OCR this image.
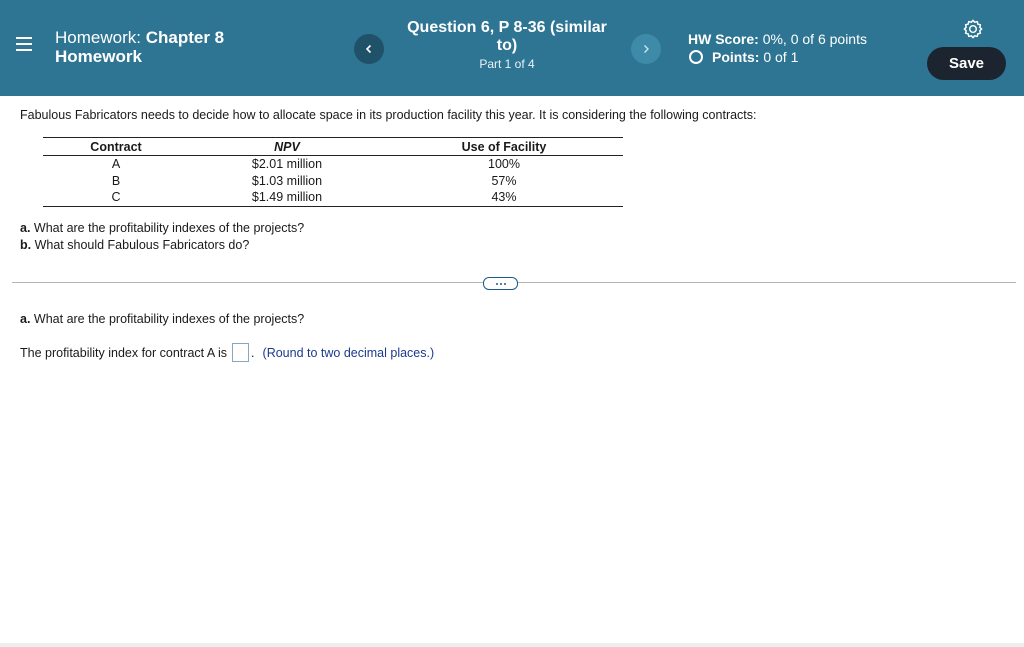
Homework: Chapter 8
Homework
Question 6, P 8-36 (similar to)
Part 1 of 4
HW Score: 0%, 0 of 6 points
Points:
0 of 1	Save
Fabulous Fabricators needs to decide how to allocate space in its production facility this year. It is considering the following contracts:
Contract	NPV	Use of Facility
A	$2.01 million	100%
B	$1.03 million	57%
C	$1.49 million	43%
a. What are the profitability indexes of the projects?
b. What should Fabulous Fabricators do?
a. What are the profitability indexes of the projects?
The profitability index for contract A is . (Round to two decimal places.)
